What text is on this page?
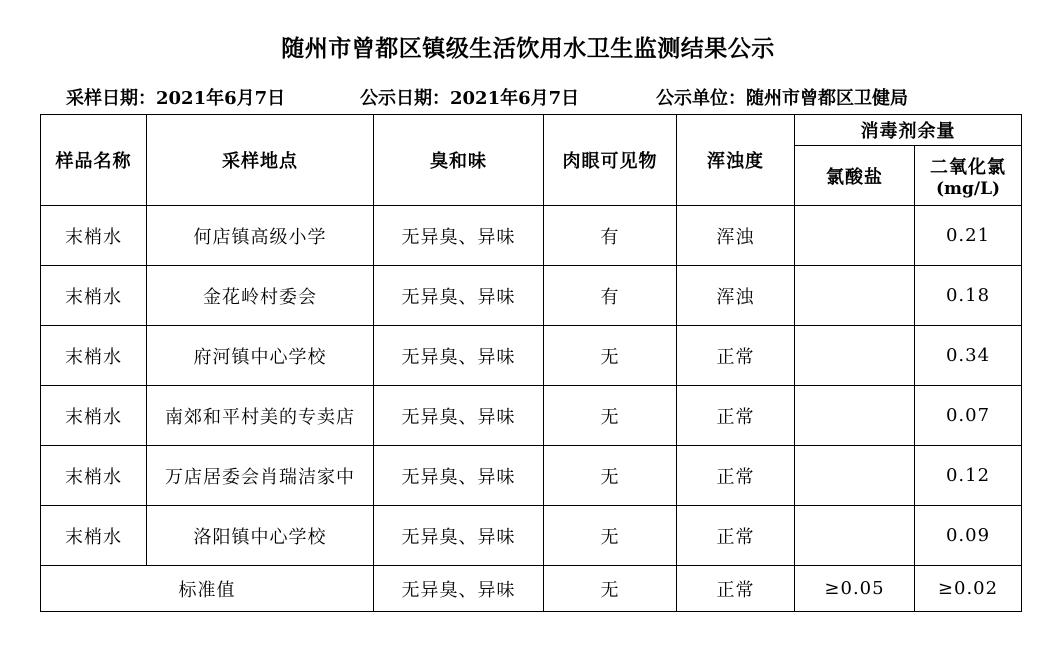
随州市曾都区镇级生活饮用水卫生监测结果公示
采样日期：2021年6月7日	公示日期：2021年6月7日	公示单位：随州市曾都区卫健局
样品名称	采样地点	臭和味	肉眼可见物	浑浊度	消毒剂余量	
					氯酸盐	二氧化氯
(mg/L)

末梢水	何店镇高级小学	无异臭、异味	有	浑浊		0.21
末梢水	金花岭村委会	无异臭、异味	有	浑浊		0.18
末梢水	府河镇中心学校	无异臭、异味	无	正常		0.34
末梢水	南郊和平村美的专卖店	无异臭、异味	无	正常		0.07
末梢水	万店居委会肖瑞洁家中	无异臭、异味	无	正常		0.12
末梢水	洛阳镇中心学校	无异臭、异味	无	正常		0.09
标准值		无异臭、异味	无	正常	≥0.05	≥0.02
